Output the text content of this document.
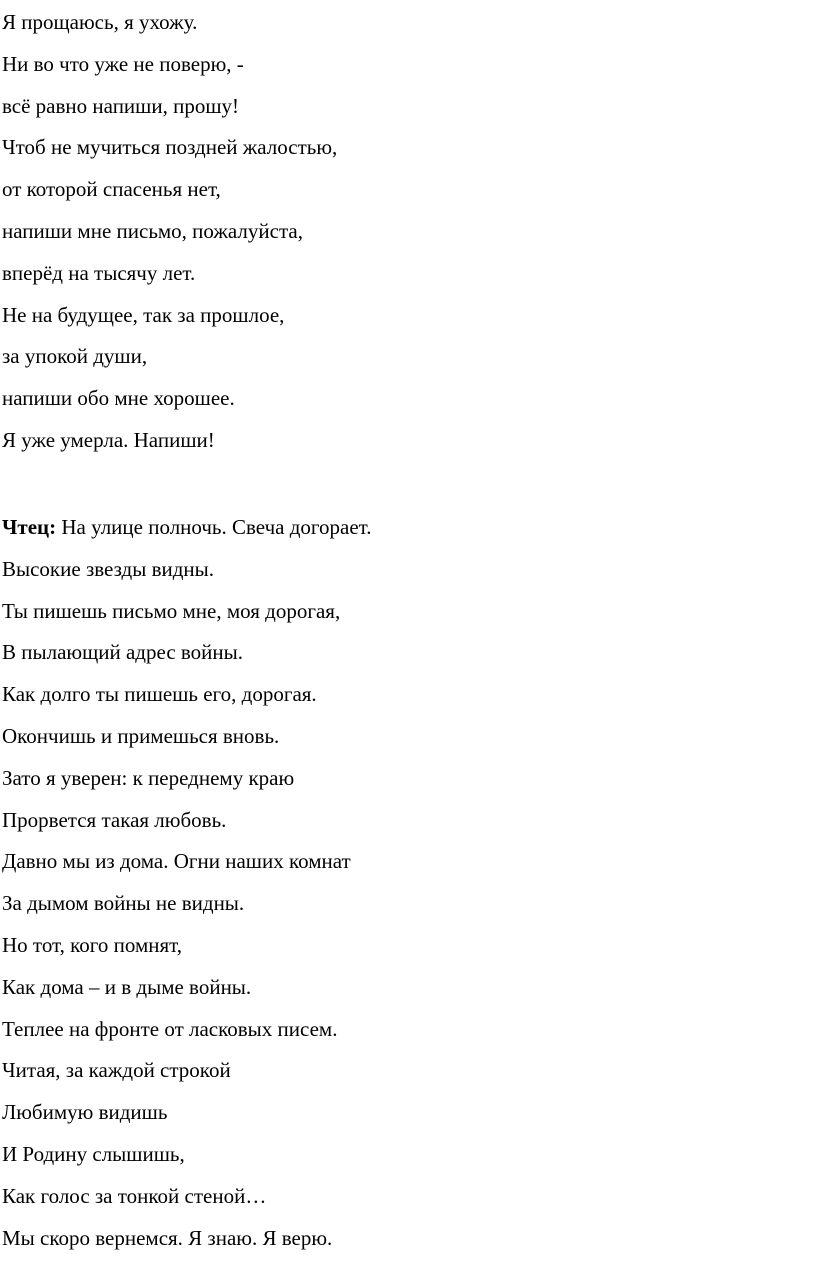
Я прощаюсь, я ухожу.
Ни во что уже не поверю, -
всё равно напиши, прошу!
Чтоб не мучиться поздней жалостью,
от которой спасенья нет,
напиши мне письмо, пожалуйста,
вперёд на тысячу лет.
Не на будущее, так за прошлое,
за упокой души,
напиши обо мне хорошее.
Я уже умерла. Напиши!
Чтец: На улице полночь. Свеча догорает.
Высокие звезды видны.
Ты пишешь письмо мне, моя дорогая,
В пылающий адрес войны.
Как долго ты пишешь его, дорогая.
Окончишь и примешься вновь.
Зато я уверен: к переднему краю
Прорвется такая любовь.
Давно мы из дома. Огни наших комнат
За дымом войны не видны.
Но тот, кого помнят,
Как дома – и в дыме войны.
Теплее на фронте от ласковых писем.
Читая, за каждой строкой
Любимую видишь
И Родину слышишь,
Как голос за тонкой стеной…
Мы скоро вернемся. Я знаю. Я верю.
